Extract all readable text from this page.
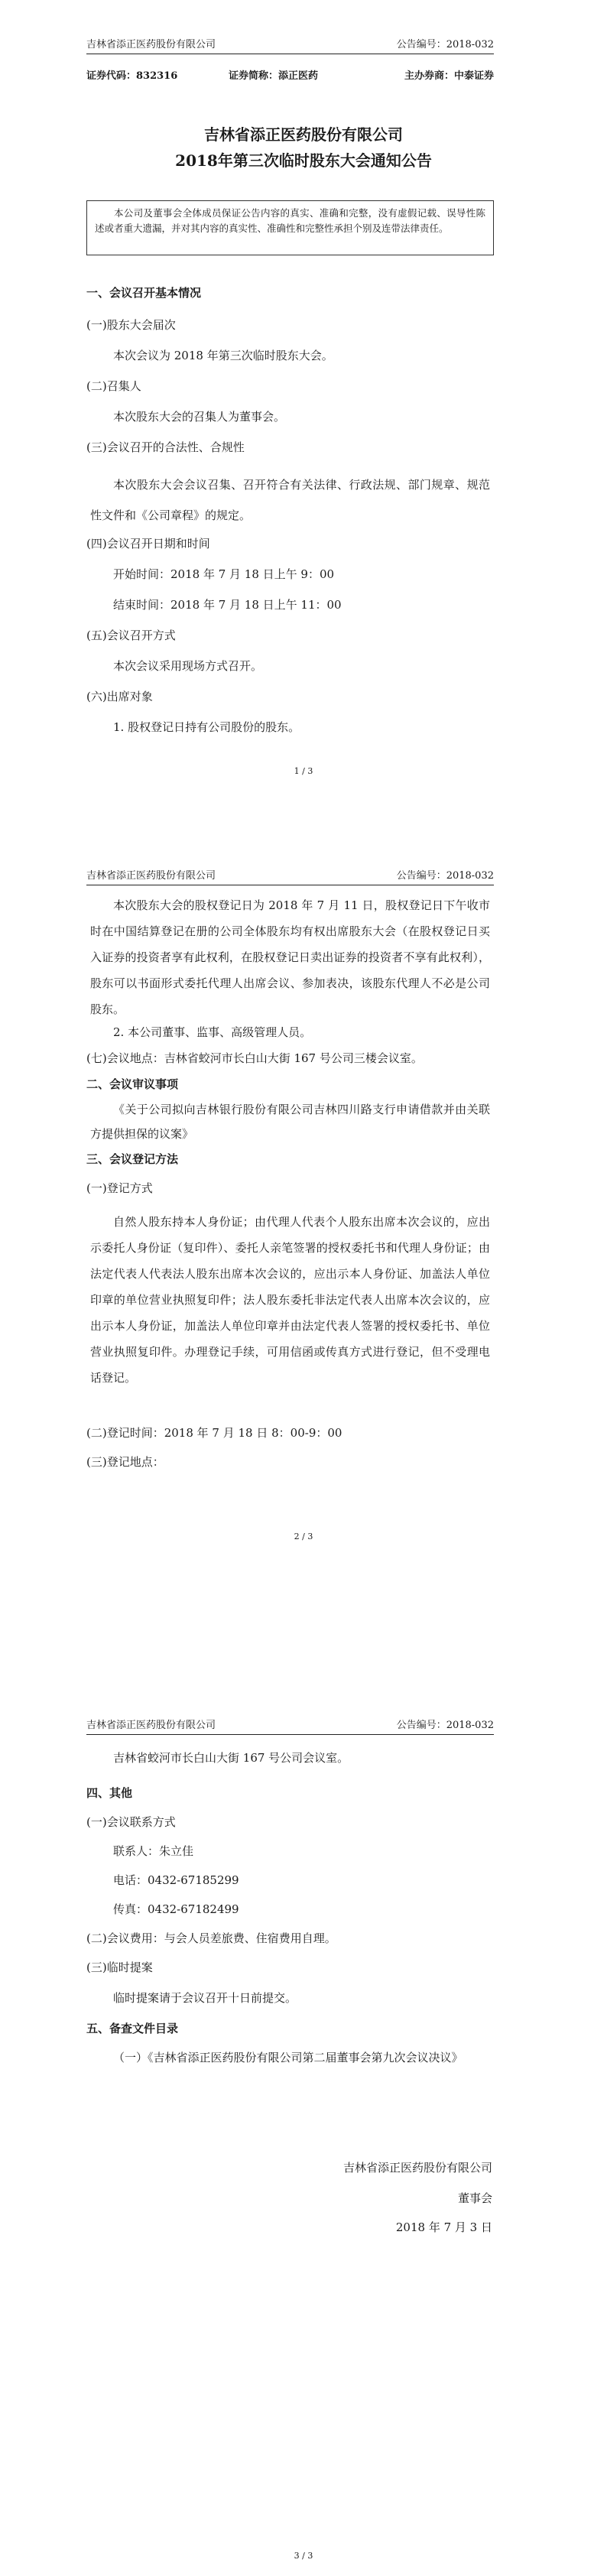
吉林省添正医药股份有限公司	公告编号：2018-032
证券代码：832316	证券简称：添正医药	主办券商：中泰证券
吉林省添正医药股份有限公司
2018年第三次临时股东大会通知公告
本公司及董事会全体成员保证公告内容的真实、准确和完整，没有虚假记载、误导性陈述或者重大遗漏，并对其内容的真实性、准确性和完整性承担个别及连带法律责任。
一、会议召开基本情况
(一)股东大会届次
本次会议为 2018 年第三次临时股东大会。
(二)召集人
本次股东大会的召集人为董事会。
(三)会议召开的合法性、合规性
本次股东大会会议召集、召开符合有关法律、行政法规、部门规章、规范性文件和《公司章程》的规定。
(四)会议召开日期和时间
开始时间：2018 年 7 月 18 日上午 9：00
结束时间：2018 年 7 月 18 日上午 11：00
(五)会议召开方式
本次会议采用现场方式召开。
(六)出席对象
1. 股权登记日持有公司股份的股东。
1 / 3
吉林省添正医药股份有限公司	公告编号：2018-032
本次股东大会的股权登记日为 2018 年 7 月 11 日，股权登记日下午收市时在中国结算登记在册的公司全体股东均有权出席股东大会（在股权登记日买入证券的投资者享有此权利，在股权登记日卖出证券的投资者不享有此权利），股东可以书面形式委托代理人出席会议、参加表决，该股东代理人不必是公司股东。
2. 本公司董事、监事、高级管理人员。
(七)会议地点：吉林省蛟河市长白山大街 167 号公司三楼会议室。
二、会议审议事项
《关于公司拟向吉林银行股份有限公司吉林四川路支行申请借款并由关联方提供担保的议案》
三、会议登记方法
(一)登记方式
自然人股东持本人身份证；由代理人代表个人股东出席本次会议的，应出示委托人身份证（复印件）、委托人亲笔签署的授权委托书和代理人身份证；由法定代表人代表法人股东出席本次会议的，应出示本人身份证、加盖法人单位印章的单位营业执照复印件；法人股东委托非法定代表人出席本次会议的，应出示本人身份证，加盖法人单位印章并由法定代表人签署的授权委托书、单位营业执照复印件。办理登记手续，可用信函或传真方式进行登记，但不受理电话登记。
(二)登记时间：2018 年 7 月 18 日 8：00-9：00
(三)登记地点：
2 / 3
吉林省添正医药股份有限公司	公告编号：2018-032
吉林省蛟河市长白山大街 167 号公司会议室。
四、其他
(一)会议联系方式
联系人：朱立佳
电话：0432-67185299
传真：0432-67182499
(二)会议费用：与会人员差旅费、住宿费用自理。
(三)临时提案
临时提案请于会议召开十日前提交。
五、备查文件目录
（一）《吉林省添正医药股份有限公司第二届董事会第九次会议决议》
吉林省添正医药股份有限公司
董事会
2018 年 7 月 3 日
3 / 3
